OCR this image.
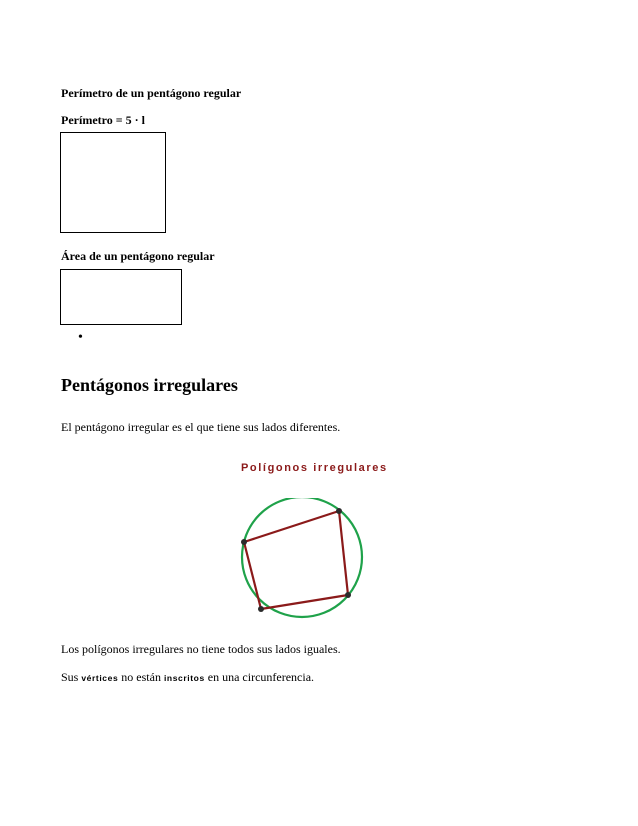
Perímetro de un pentágono regular
Perímetro = 5 · l
Área de un pentágono regular
•
Pentágonos irregulares
El pentágono irregular es el que tiene sus lados diferentes.
Polígonos irregulares
Los polígonos irregulares no tiene todos sus lados iguales.
Sus vértices no están inscritos en una circunferencia.
